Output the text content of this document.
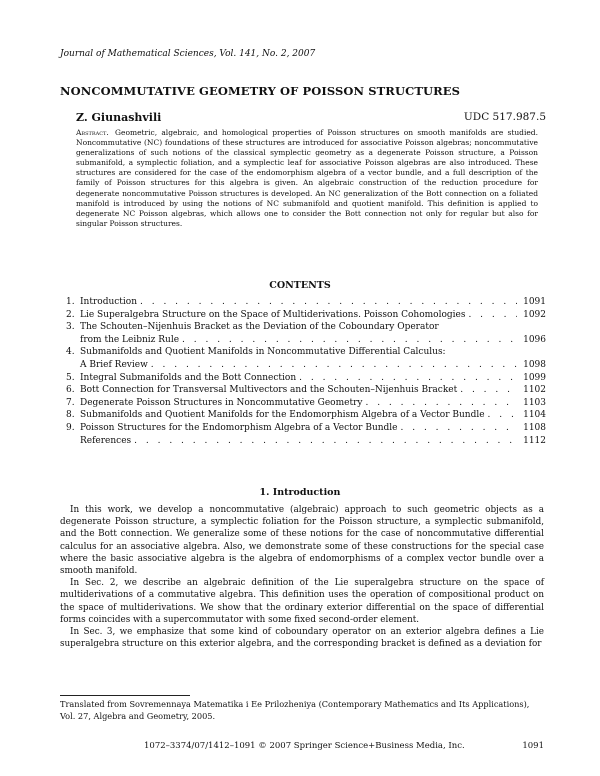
Journal of Mathematical Sciences, Vol. 141, No. 2, 2007
NONCOMMUTATIVE GEOMETRY OF POISSON STRUCTURES
Z. Giunashvili	UDC 517.987.5
Abstract. Geometric, algebraic, and homological properties of Poisson structures on smooth manifolds are studied. Noncommutative (NC) foundations of these structures are introduced for associative Poisson algebras; noncommutative generalizations of such notions of the classical symplectic geometry as a degenerate Poisson structure, a Poisson submanifold, a symplectic foliation, and a symplectic leaf for associative Poisson algebras are also introduced. These structures are considered for the case of the endomorphism algebra of a vector bundle, and a full description of the family of Poisson structures for this algebra is given. An algebraic construction of the reduction procedure for degenerate noncommutative Poisson structures is developed. An NC generalization of the Bott connection on a foliated manifold is introduced by using the notions of NC submanifold and quotient manifold. This definition is applied to degenerate NC Poisson algebras, which allows one to consider the Bott connection not only for regular but also for singular Poisson structures.
CONTENTS
1. Introduction . . .	1091
2. Lie Superalgebra Structure on the Space of Multiderivations. Poisson Cohomologies . . .	1092
3. The Schouten–Nijenhuis Bracket as the Deviation of the Coboundary Operator
from the Leibniz Rule . . .	1096
4. Submanifolds and Quotient Manifolds in Noncommutative Differential Calculus:
A Brief Review . . .	1098
5. Integral Submanifolds and the Bott Connection . . .	1099
6. Bott Connection for Transversal Multivectors and the Schouten–Nijenhuis Bracket . . .	1102
7. Degenerate Poisson Structures in Noncommutative Geometry . . .	1103
8. Submanifolds and Quotient Manifolds for the Endomorphism Algebra of a Vector Bundle . . .	1104
9. Poisson Structures for the Endomorphism Algebra of a Vector Bundle . . .	1108
References . . .	1112
1. Introduction

In this work, we develop a noncommutative (algebraic) approach to such geometric objects as a degenerate Poisson structure, a symplectic foliation for the Poisson structure, a symplectic submanifold, and the Bott connection. We generalize some of these notions for the case of noncommutative differential calculus for an associative algebra. Also, we demonstrate some of these constructions for the special case where the basic associative algebra is the algebra of endomorphisms of a complex vector bundle over a smooth manifold.

In Sec. 2, we describe an algebraic definition of the Lie superalgebra structure on the space of multiderivations of a commutative algebra. This definition uses the operation of compositional product on the space of multiderivations. We show that the ordinary exterior differential on the space of differential forms coincides with a supercommutator with some fixed second-order element.

In Sec. 3, we emphasize that some kind of coboundary operator on an exterior algebra defines a Lie superalgebra structure on this exterior algebra, and the corresponding bracket is defined as a deviation for

Translated from Sovremennaya Matematika i Ee Prilozheniya (Contemporary Mathematics and Its Applications), Vol. 27, Algebra and Geometry, 2005.
1072–3374/07/1412–1091 © 2007 Springer Science+Business Media, Inc.	1091
